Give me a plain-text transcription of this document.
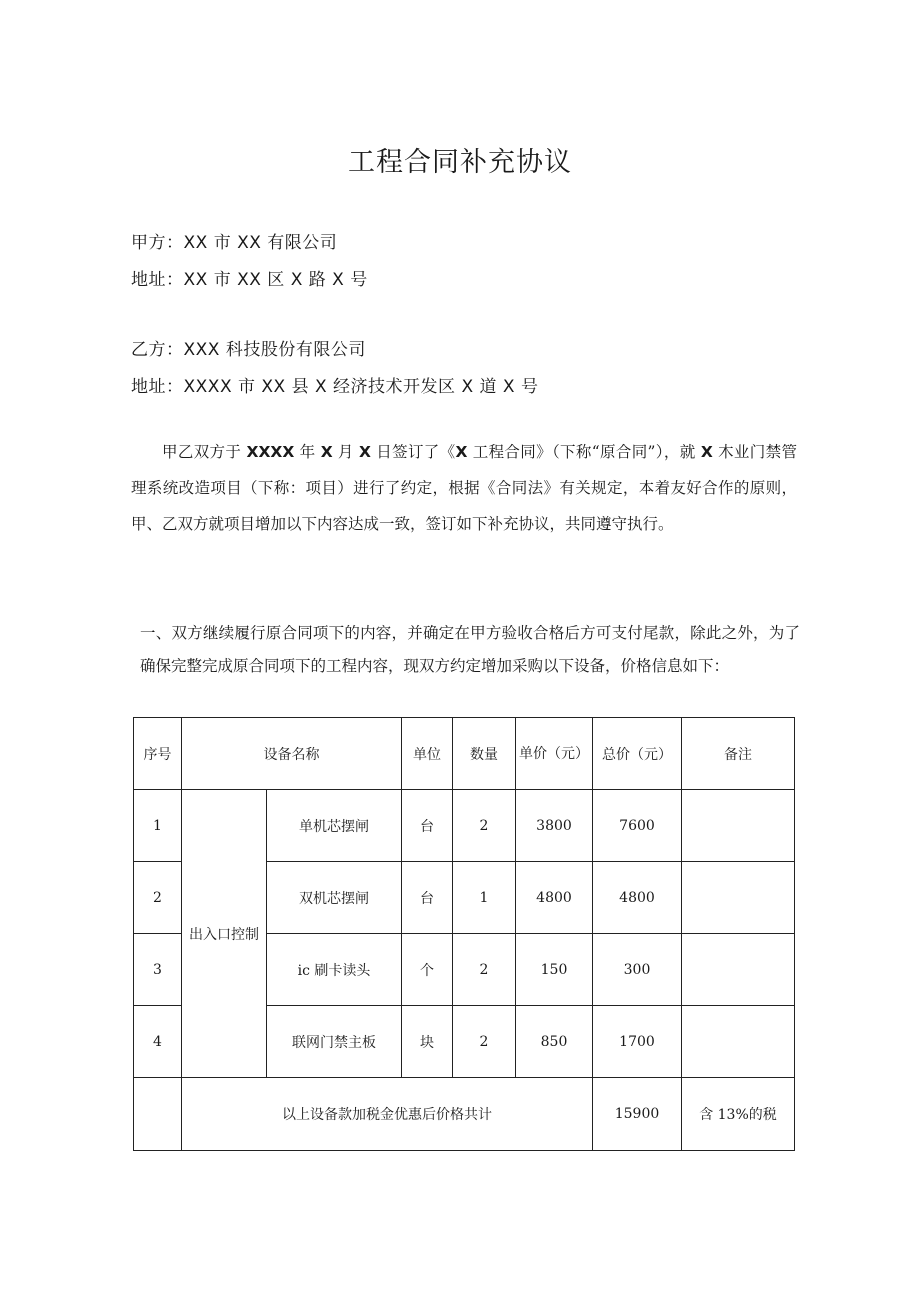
工程合同补充协议
甲方：XX 市 XX 有限公司
地址：XX 市 XX 区 X 路 X 号
乙方：XXX 科技股份有限公司
地址：XXXX 市 XX 县 X 经济技术开发区 X 道 X 号
甲乙双方于 XXXX 年 X 月 X 日签订了《X 工程合同》（下称“原合同”），就 X 木业门禁管理系统改造项目（下称：项目）进行了约定，根据《合同法》有关规定，本着友好合作的原则，甲、乙双方就项目增加以下内容达成一致，签订如下补充协议，共同遵守执行。
一、双方继续履行原合同项下的内容，并确定在甲方验收合格后方可支付尾款，除此之外，为了确保完整完成原合同项下的工程内容，现双方约定增加采购以下设备，价格信息如下：
序号	设备名称		单位	数量	单价（元）	总价（元）	备注
1	出入口控制	单机芯摆闸	台	2	3800	7600	
2		双机芯摆闸	台	1	4800	4800	
3		ic 刷卡读头	个	2	150	300	
4		联网门禁主板	块	2	850	1700	
	以上设备款加税金优惠后价格共计					15900	含 13%的税
